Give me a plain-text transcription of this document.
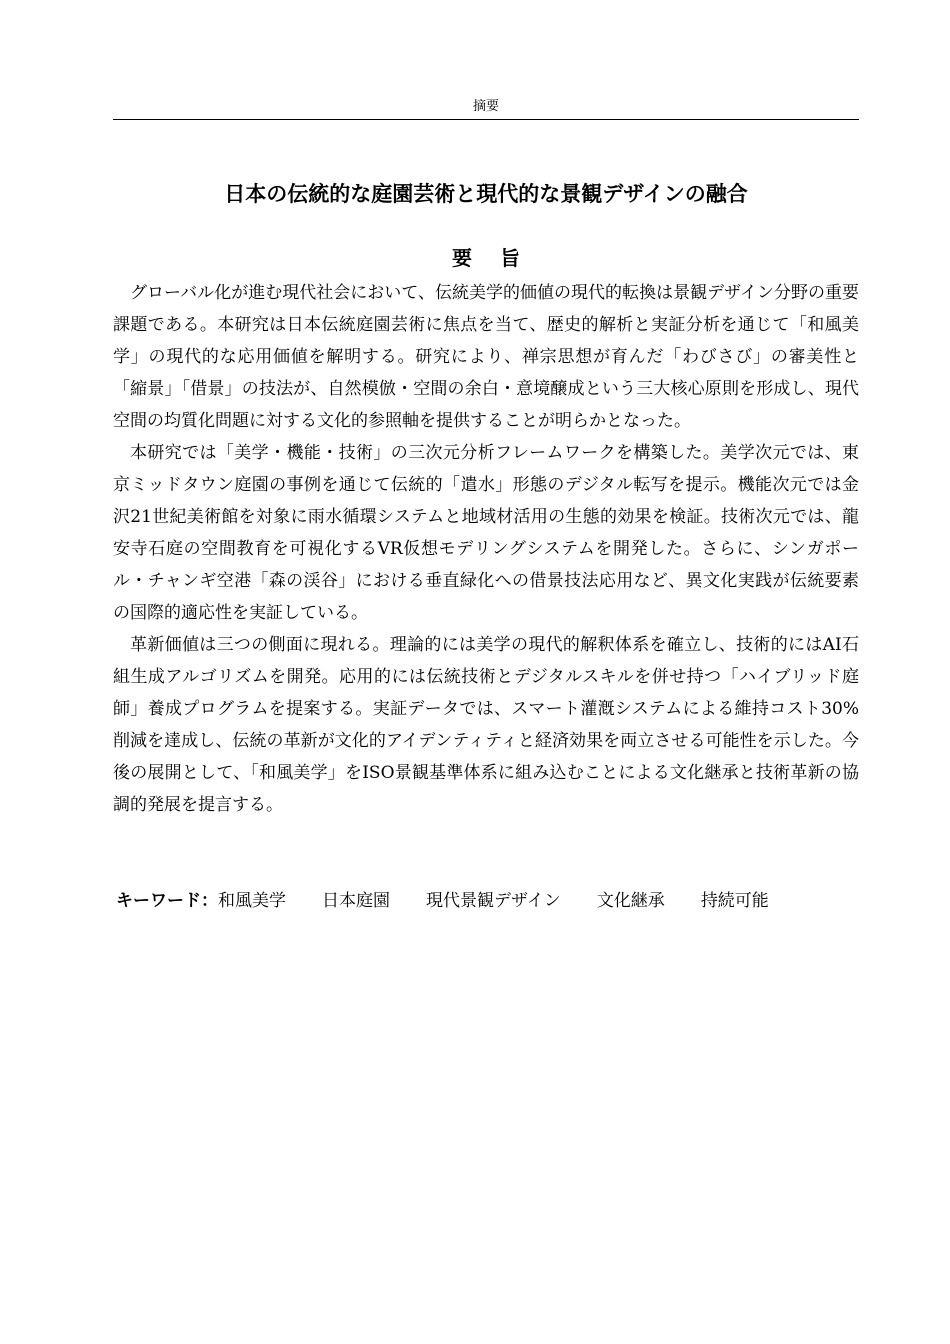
摘要
日本の伝統的な庭園芸術と現代的な景観デザインの融合
要旨

グローバル化が進む現代社会において、伝統美学的価値の現代的転換は景観デザイン分野の重要課題である。本研究は日本伝統庭園芸術に焦点を当て、歴史的解析と実証分析を通じて「和風美学」の現代的な応用価値を解明する。研究により、禅宗思想が育んだ「わびさび」の審美性と「縮景」「借景」の技法が、自然模倣・空間の余白・意境醸成という三大核心原則を形成し、現代空間の均質化問題に対する文化的参照軸を提供することが明らかとなった。

本研究では「美学・機能・技術」の三次元分析フレームワークを構築した。美学次元では、東京ミッドタウン庭園の事例を通じて伝統的「遣水」形態のデジタル転写を提示。機能次元では金沢21世紀美術館を対象に雨水循環システムと地域材活用の生態的効果を検証。技術次元では、龍安寺石庭の空間教育を可視化するVR仮想モデリングシステムを開発した。さらに、シンガポール・チャンギ空港「森の渓谷」における垂直緑化への借景技法応用など、異文化実践が伝統要素の国際的適応性を実証している。

革新価値は三つの側面に現れる。理論的には美学の現代的解釈体系を確立し、技術的にはAI石組生成アルゴリズムを開発。応用的には伝統技術とデジタルスキルを併せ持つ「ハイブリッド庭師」養成プログラムを提案する。実証データでは、スマート灌漑システムによる維持コスト30%削減を達成し、伝統の革新が文化的アイデンティティと経済効果を両立させる可能性を示した。今後の展開として、「和風美学」をISO景観基準体系に組み込むことによる文化継承と技術革新の協調的発展を提言する。

キーワード：和風美学 日本庭園 現代景観デザイン 文化継承 持続可能
